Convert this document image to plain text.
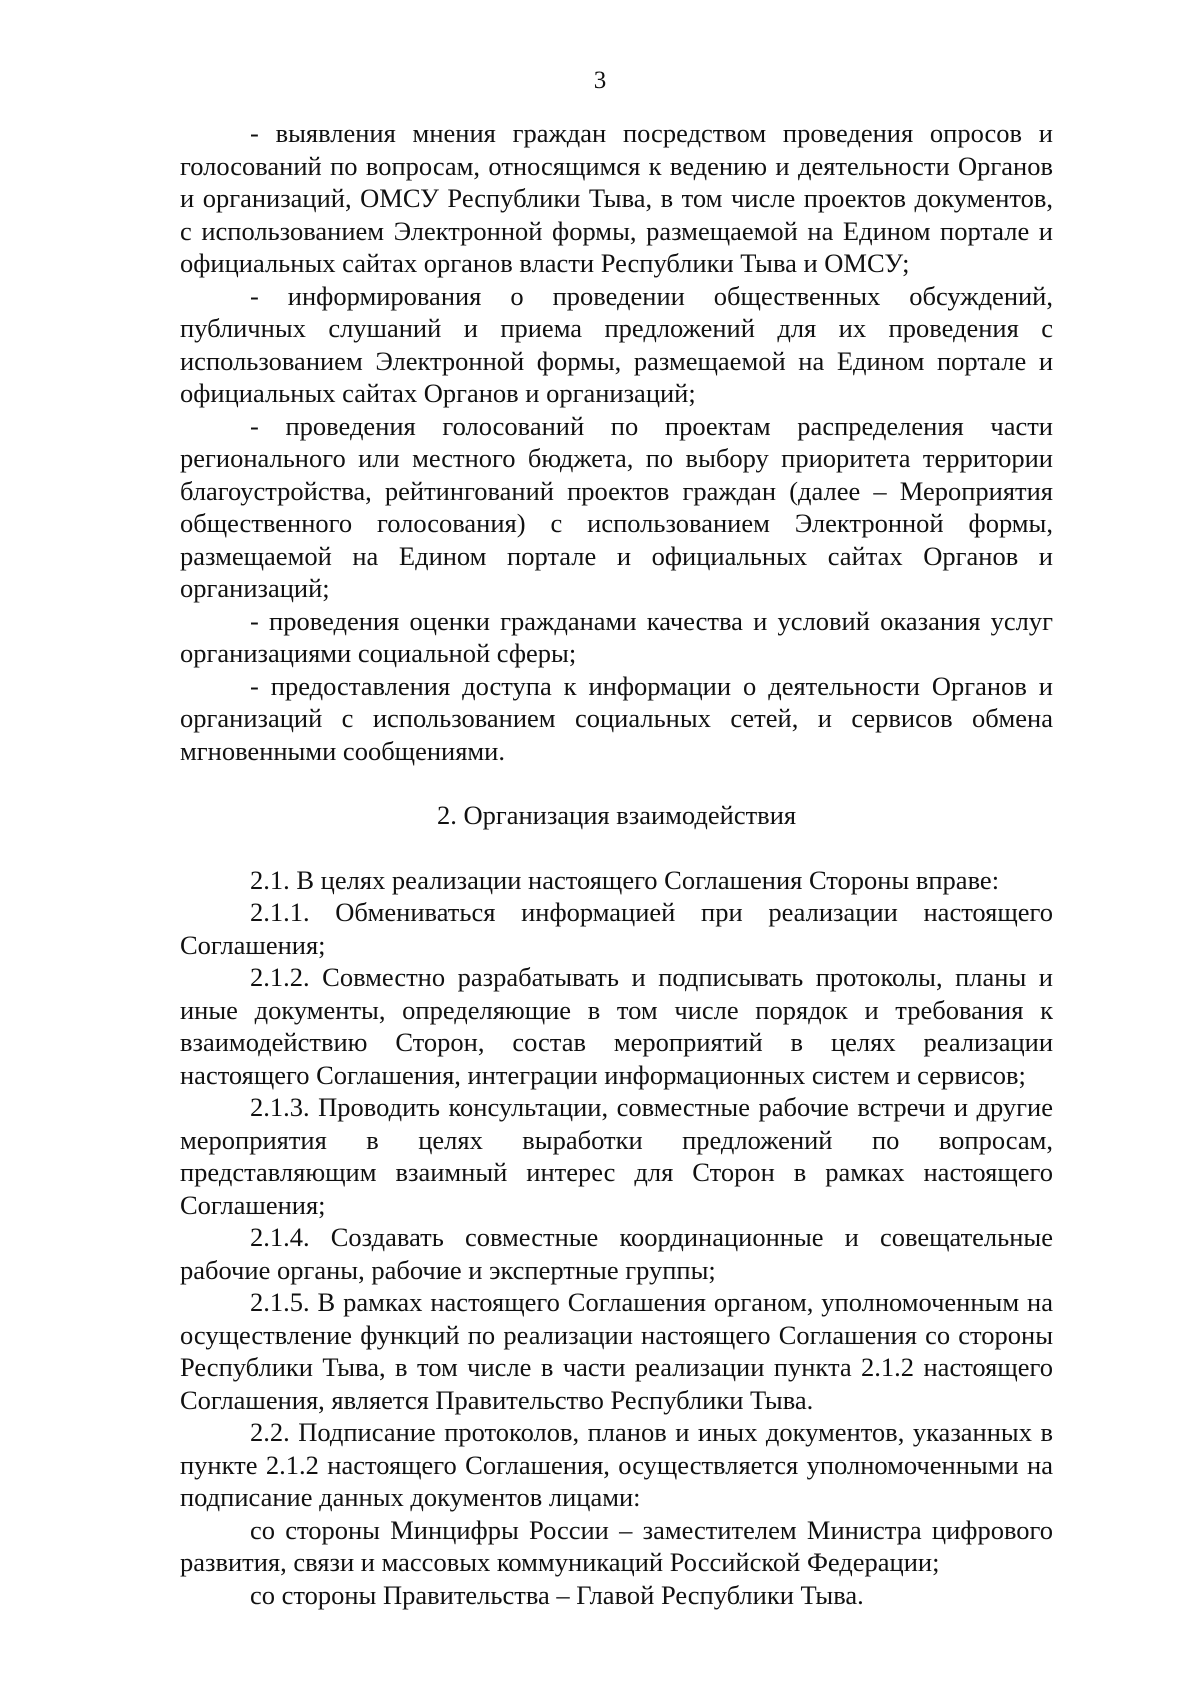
3

- выявления мнения граждан посредством проведения опросов и голосований по вопросам, относящимся к ведению и деятельности Органов и организаций, ОМСУ Республики Тыва, в том числе проектов документов, с использованием Электронной формы, размещаемой на Едином портале и официальных сайтах органов власти Республики Тыва и ОМСУ;

- информирования о проведении общественных обсуждений, публичных слушаний и приема предложений для их проведения с использованием Электронной формы, размещаемой на Едином портале и официальных сайтах Органов и организаций;

- проведения голосований по проектам распределения части регионального или местного бюджета, по выбору приоритета территории благоустройства, рейтингований проектов граждан (далее – Мероприятия общественного голосования) с использованием Электронной формы, размещаемой на Едином портале и официальных сайтах Органов и организаций;

- проведения оценки гражданами качества и условий оказания услуг организациями социальной сферы;

- предоставления доступа к информации о деятельности Органов и организаций с использованием социальных сетей, и сервисов обмена мгновенными сообщениями.

2. Организация взаимодействия

2.1. В целях реализации настоящего Соглашения Стороны вправе:

2.1.1. Обмениваться информацией при реализации настоящего Соглашения;

2.1.2. Совместно разрабатывать и подписывать протоколы, планы и иные документы, определяющие в том числе порядок и требования к взаимодействию Сторон, состав мероприятий в целях реализации настоящего Соглашения, интеграции информационных систем и сервисов;

2.1.3. Проводить консультации, совместные рабочие встречи и другие мероприятия в целях выработки предложений по вопросам, представляющим взаимный интерес для Сторон в рамках настоящего Соглашения;

2.1.4. Создавать совместные координационные и совещательные рабочие органы, рабочие и экспертные группы;

2.1.5. В рамках настоящего Соглашения органом, уполномоченным на осуществление функций по реализации настоящего Соглашения со стороны Республики Тыва, в том числе в части реализации пункта 2.1.2 настоящего Соглашения, является Правительство Республики Тыва.

2.2. Подписание протоколов, планов и иных документов, указанных в пункте 2.1.2 настоящего Соглашения, осуществляется уполномоченными на подписание данных документов лицами:

со стороны Минцифры России – заместителем Министра цифрового развития, связи и массовых коммуникаций Российской Федерации;

со стороны Правительства – Главой Республики Тыва.
